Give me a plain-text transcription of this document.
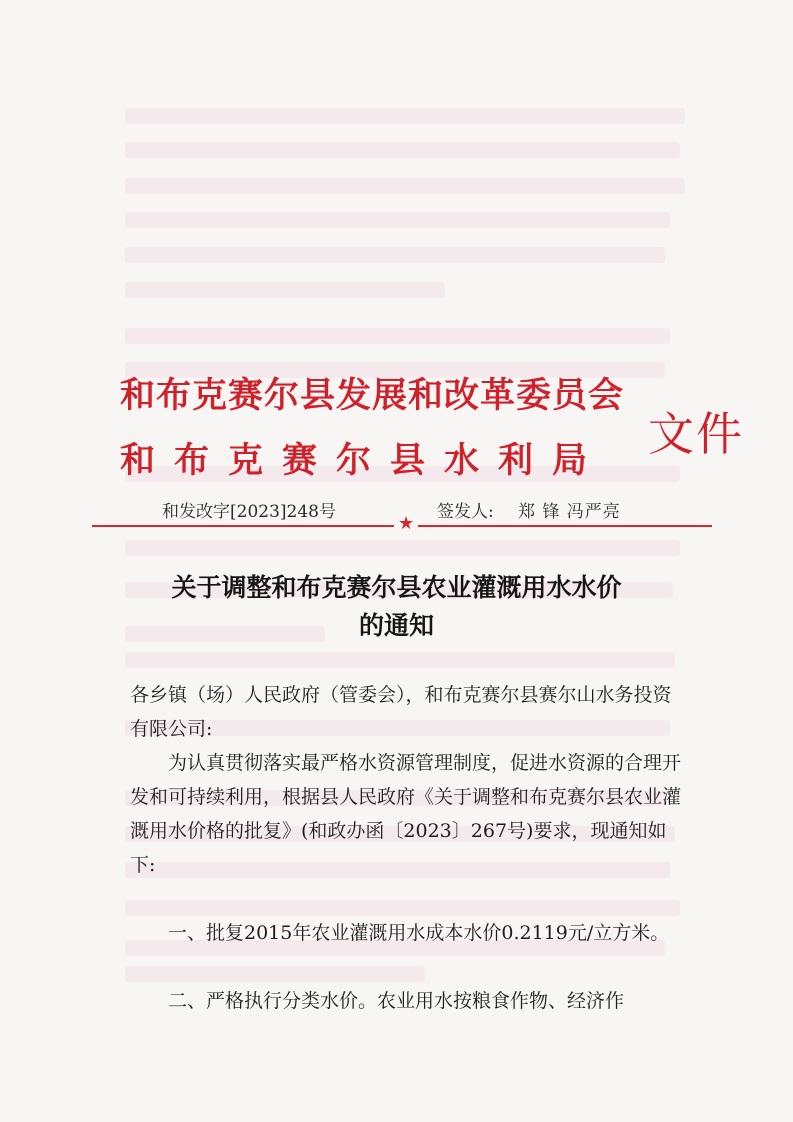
和布克赛尔县发展和改革委员会
和布克赛尔县水利局 文件
和发改字[2023]248号	签发人: 郑 锋 冯严亮
★
关于调整和布克赛尔县农业灌溉用水水价
的通知
各乡镇（场）人民政府（管委会），和布克赛尔县赛尔山水务投资有限公司:
为认真贯彻落实最严格水资源管理制度，促进水资源的合理开发和可持续利用，根据县人民政府《关于调整和布克赛尔县农业灌溉用水价格的批复》(和政办函〔2023〕267号)要求，现通知如下:
一、批复2015年农业灌溉用水成本水价0.2119元/立方米。
二、严格执行分类水价。农业用水按粮食作物、经济作
